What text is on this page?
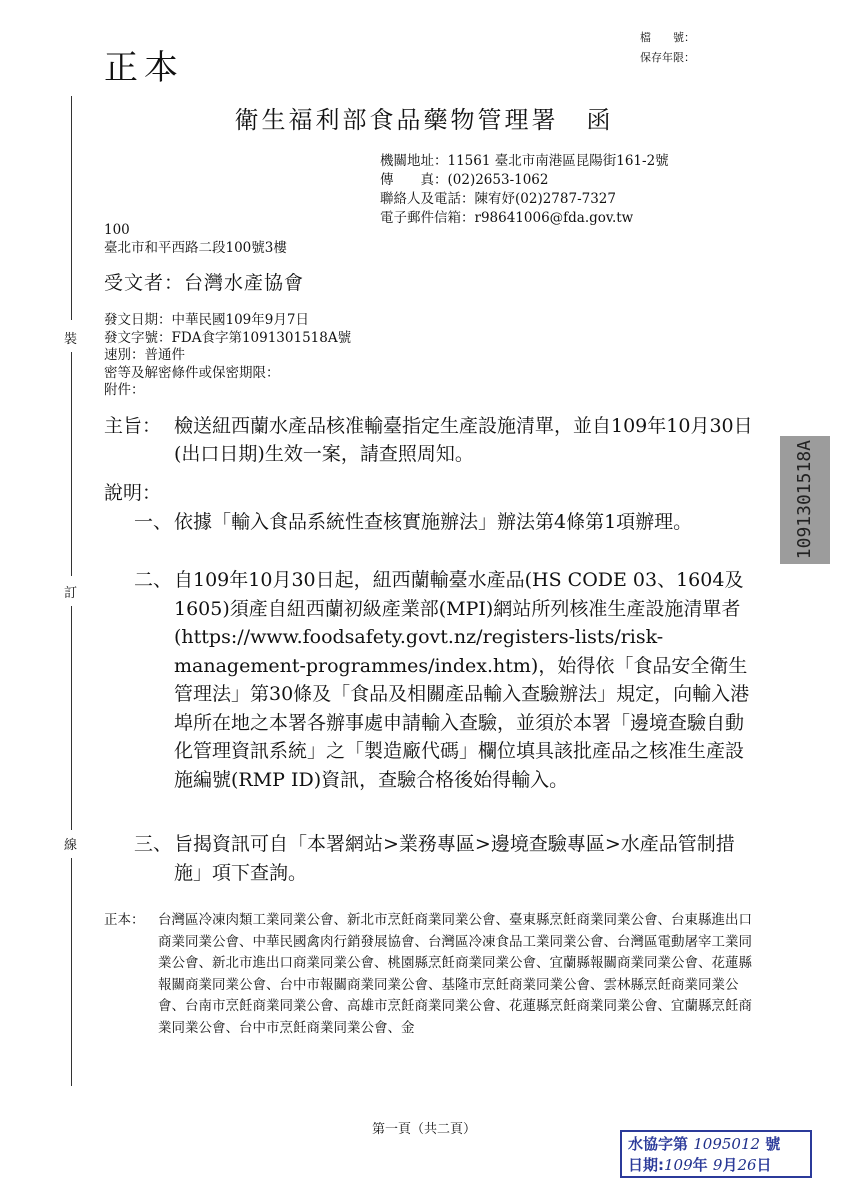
正本
檔　　號：
保存年限：
衛生福利部食品藥物管理署 函
機關地址：11561 臺北市南港區昆陽街161-2號
傳　　真：(02)2653-1062
聯絡人及電話：陳宥妤(02)2787-7327
電子郵件信箱：r98641006@fda.gov.tw
100
臺北市和平西路二段100號3樓
受文者：台灣水產協會
發文日期：中華民國109年9月7日
發文字號：FDA食字第1091301518A號
速別：普通件
密等及解密條件或保密期限：
附件：
主旨： 檢送紐西蘭水產品核准輸臺指定生產設施清單，並自109年10月30日(出口日期)生效一案，請查照周知。
說明：
一、 依據「輸入食品系統性查核實施辦法」辦法第4條第1項辦理。
二、 自109年10月30日起，紐西蘭輸臺水產品(HS CODE 03、1604及1605)須產自紐西蘭初級產業部(MPI)網站所列核准生產設施清單者(https://www.foodsafety.govt.nz/registers-lists/risk-management-programmes/index.htm)，始得依「食品安全衛生管理法」第30條及「食品及相關產品輸入查驗辦法」規定，向輸入港埠所在地之本署各辦事處申請輸入查驗，並須於本署「邊境查驗自動化管理資訊系統」之「製造廠代碼」欄位填具該批產品之核准生產設施編號(RMP ID)資訊，查驗合格後始得輸入。
三、 旨揭資訊可自「本署網站>業務專區>邊境查驗專區>水產品管制措施」項下查詢。
正本： 台灣區冷凍肉類工業同業公會、新北市烹飪商業同業公會、臺東縣烹飪商業同業公會、台東縣進出口商業同業公會、中華民國禽肉行銷發展協會、台灣區冷凍食品工業同業公會、台灣區電動屠宰工業同業公會、新北市進出口商業同業公會、桃園縣烹飪商業同業公會、宜蘭縣報關商業同業公會、花蓮縣報關商業同業公會、台中市報關商業同業公會、基隆市烹飪商業同業公會、雲林縣烹飪商業同業公會、台南市烹飪商業同業公會、高雄市烹飪商業同業公會、花蓮縣烹飪商業同業公會、宜蘭縣烹飪商業同業公會、台中市烹飪商業同業公會、金
第一頁（共二頁）
裝
訂
線
1091301518A
水協字第 1095012 號
日期:109年 9月26日
